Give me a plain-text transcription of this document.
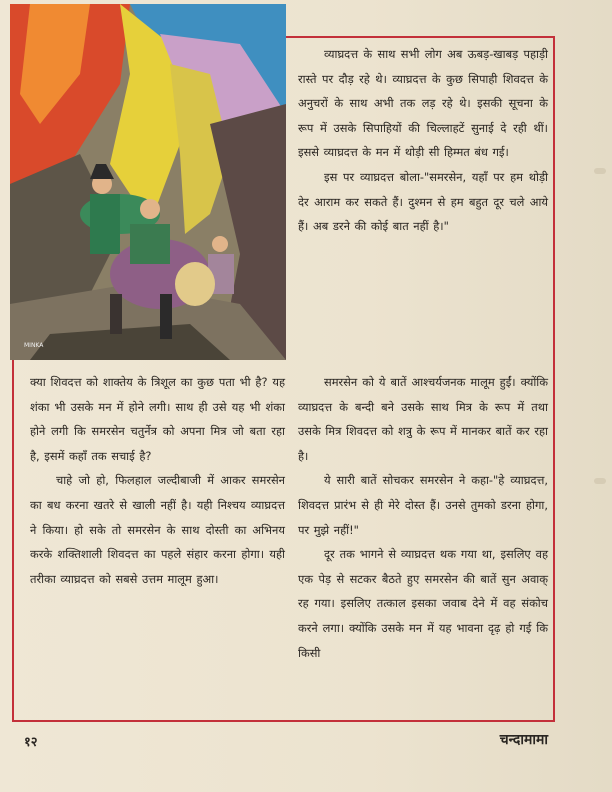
MINKA

व्याघ्रदत्त के साथ सभी लोग अब ऊबड़-खाबड़ पहाड़ी रास्ते पर दौड़ रहे थे। व्याघ्रदत्त के कुछ सिपाही शिवदत्त के अनुचरों के साथ अभी तक लड़ रहे थे। इसकी सूचना के रूप में उसके सिपाहियों की चिल्लाहटें सुनाई दे रही थीं। इससे व्याघ्रदत्त के मन में थोड़ी सी हिम्मत बंध गई।

इस पर व्याघ्रदत्त बोला-"समरसेन, यहाँ पर हम थोड़ी देर आराम कर सकते हैं। दुश्मन से हम बहुत दूर चले आये हैं। अब डरने की कोई बात नहीं है।"

क्या शिवदत्त को शाक्तेय के त्रिशूल का कुछ पता भी है? यह शंका भी उसके मन में होने लगी। साथ ही उसे यह भी शंका होने लगी कि समरसेन चतुर्नेत्र को अपना मित्र जो बता रहा है, इसमें कहाँ तक सचाई है?

चाहे जो हो, फिलहाल जल्दीबाजी में आकर समरसेन का बध करना खतरे से खाली नहीं है। यही निश्चय व्याघ्रदत्त ने किया। हो सके तो समरसेन के साथ दोस्ती का अभिनय करके शक्तिशाली शिवदत्त का पहले संहार करना होगा। यही तरीका व्याघ्रदत्त को सबसे उत्तम मालूम हुआ।

समरसेन को ये बातें आश्चर्यजनक मालूम हुईं। क्योंकि व्याघ्रदत्त के बन्दी बने उसके साथ मित्र के रूप में तथा उसके मित्र शिवदत्त को शत्रु के रूप में मानकर बातें कर रहा है।

ये सारी बातें सोचकर समरसेन ने कहा-"हे व्याघ्रदत्त, शिवदत्त प्रारंभ से ही मेरे दोस्त हैं। उनसे तुमको डरना होगा, पर मुझे नहीं!"

दूर तक भागने से व्याघ्रदत्त थक गया था, इसलिए वह एक पेड़ से सटकर बैठते हुए समरसेन की बातें सुन अवाक् रह गया। इसलिए तत्काल इसका जवाब देने में वह संकोच करने लगा। क्योंकि उसके मन में यह भावना दृढ़ हो गई कि किसी

१२	चन्दामामा
